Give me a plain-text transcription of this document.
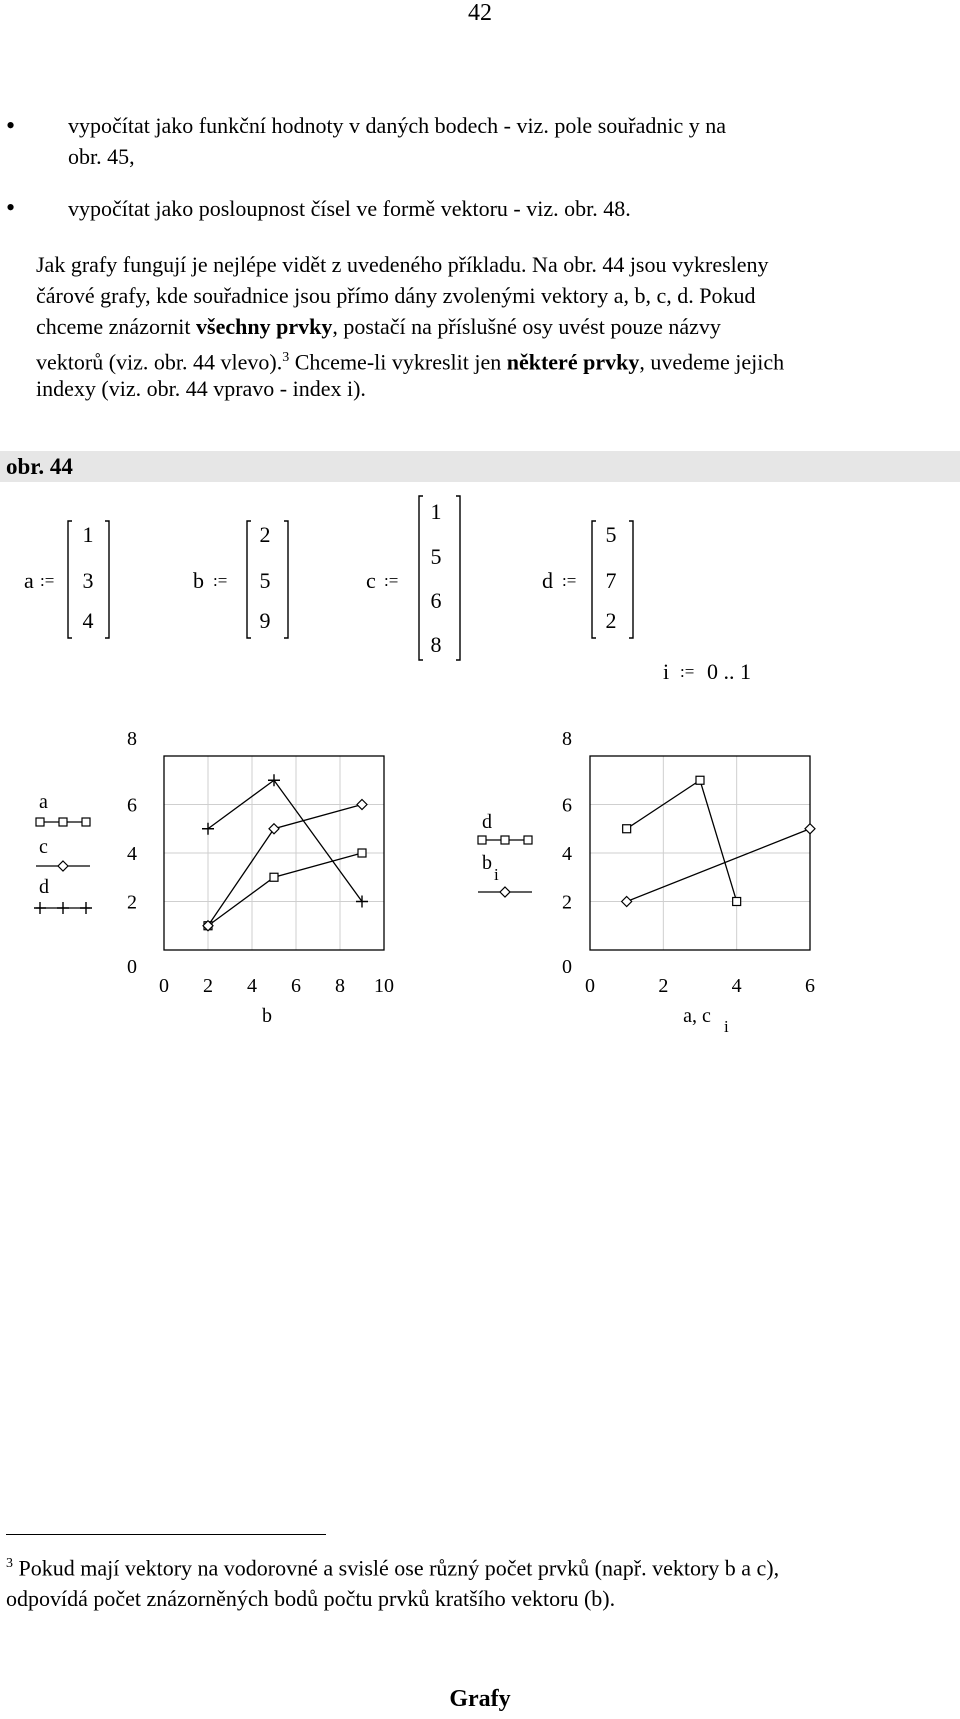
42
• vypočítat jako funkční hodnoty v daných bodech - viz. pole souřadnic y na
obr. 45,
• vypočítat jako posloupnost čísel ve formě vektoru - viz. obr. 48.
Jak grafy fungují je nejlépe vidět z uvedeného příkladu. Na obr. 44 jsou vykresleny
čárové grafy, kde souřadnice jsou přímo dány zvolenými vektory a, b, c, d. Pokud
chceme znázornit všechny prvky, postačí na příslušné osy uvést pouze názvy
vektorů (viz. obr. 44 vlevo).$^3$ Chceme-li vykreslit jen některé prvky, uvedeme jejich
indexy (viz. obr. 44 vpravo - index i).
obr. 44
a :=
1
3
4
b :=
2
5
9
c :=
1
5
6
8
d :=
5
7
2
i := 0 .. 1
0
2
4
6
8
0 2 4 6 8 10
b
a
c
d
0
2
4
6
8
0	2	4	6
a, c i
d
b
i
$^3$ Pokud mají vektory na vodorovné a svislé ose různý počet prvků (např. vektory b a c),
odpovídá počet znázorněných bodů počtu prvků kratšího vektoru (b).
Grafy
